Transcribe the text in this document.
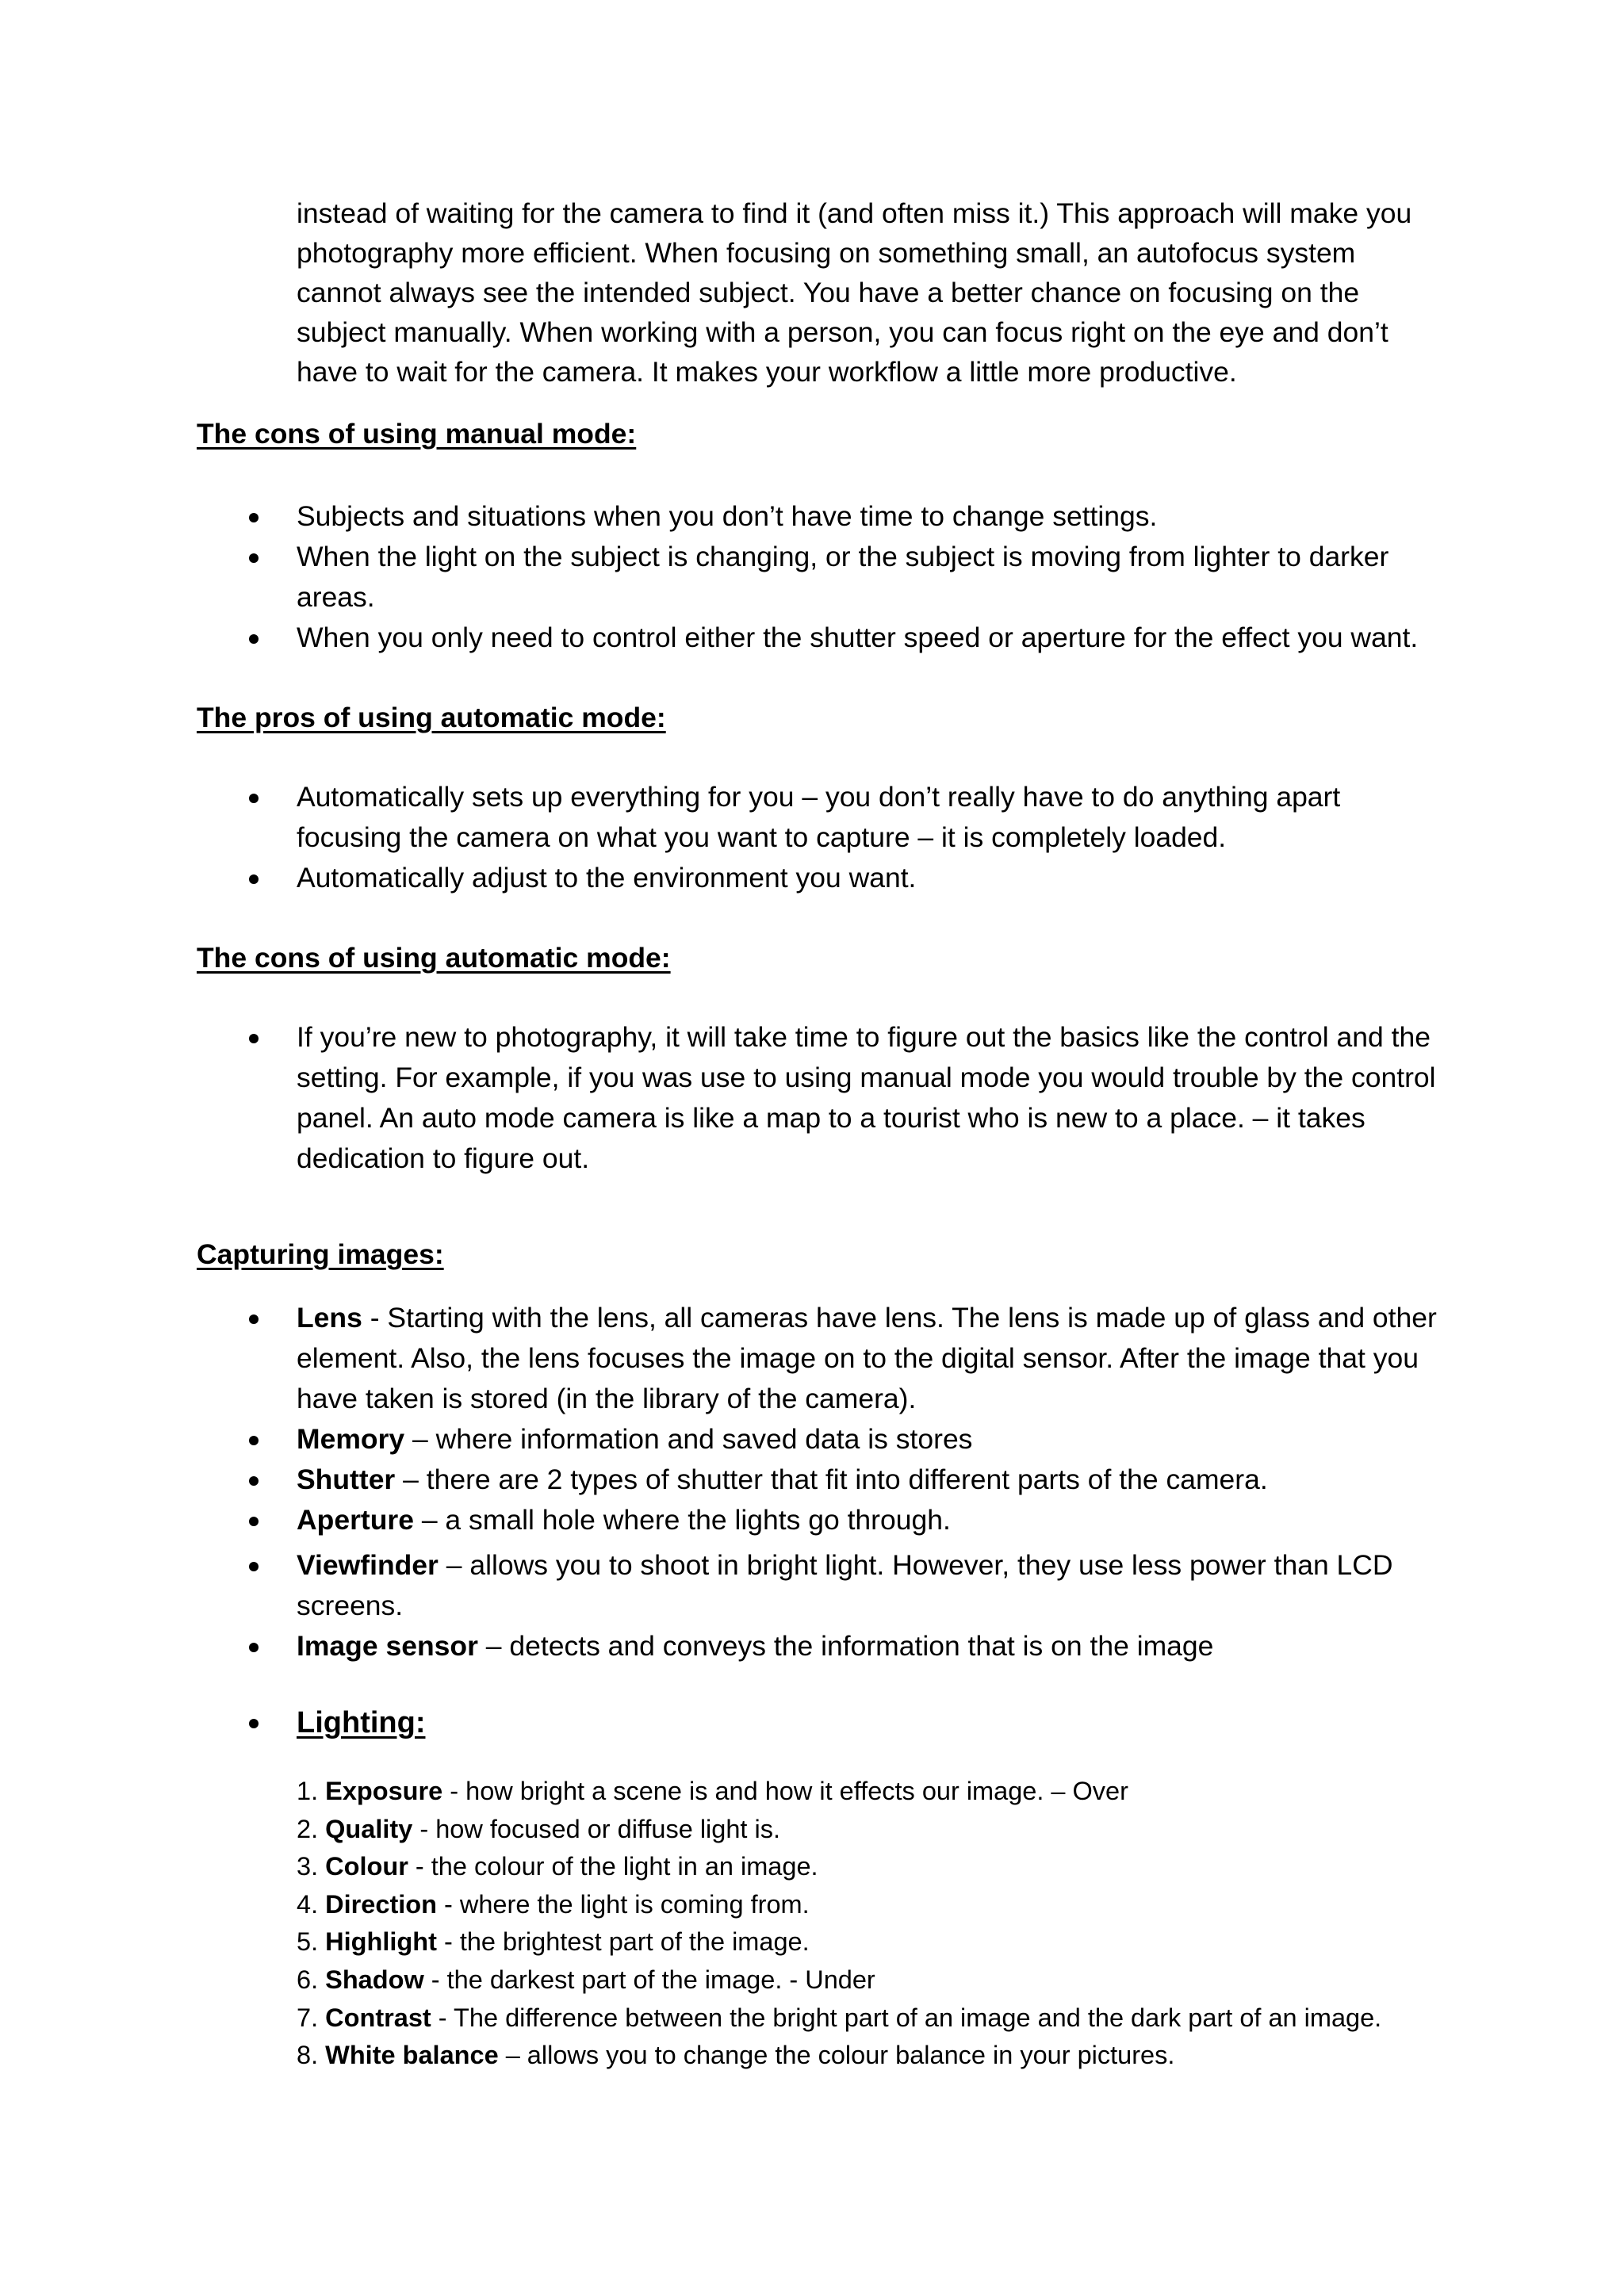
instead of waiting for the camera to find it (and often miss it.) This approach will make you photography more efficient. When focusing on something small, an autofocus system cannot always see the intended subject. You have a better chance on focusing on the subject manually. When working with a person, you can focus right on the eye and don’t have to wait for the camera. It makes your workflow a little more productive.

The cons of using manual mode:

Subjects and situations when you don’t have time to change settings.
When the light on the subject is changing, or the subject is moving from lighter to darker areas.
When you only need to control either the shutter speed or aperture for the effect you want.

The pros of using automatic mode:

Automatically sets up everything for you – you don’t really have to do anything apart focusing the camera on what you want to capture – it is completely loaded.
Automatically adjust to the environment you want.

The cons of using automatic mode:

If you’re new to photography, it will take time to figure out the basics like the control and the setting. For example, if you was use to using manual mode you would trouble by the control panel. An auto mode camera is like a map to a tourist who is new to a place. – it takes dedication to figure out.

Capturing images:

Lens - Starting with the lens, all cameras have lens. The lens is made up of glass and other element. Also, the lens focuses the image on to the digital sensor. After the image that you have taken is stored (in the library of the camera).
Memory – where information and saved data is stores
Shutter – there are 2 types of shutter that fit into different parts of the camera.
Aperture – a small hole where the lights go through.
Viewfinder – allows you to shoot in bright light. However, they use less power than LCD screens.
Image sensor – detects and conveys the information that is on the image
Lighting:
1. Exposure - how bright a scene is and how it effects our image. – Over
2. Quality - how focused or diffuse light is.
3. Colour - the colour of the light in an image.
4. Direction - where the light is coming from.
5. Highlight - the brightest part of the image.
6. Shadow - the darkest part of the image. - Under
7. Contrast - The difference between the bright part of an image and the dark part of an image.
8. White balance – allows you to change the colour balance in your pictures.
